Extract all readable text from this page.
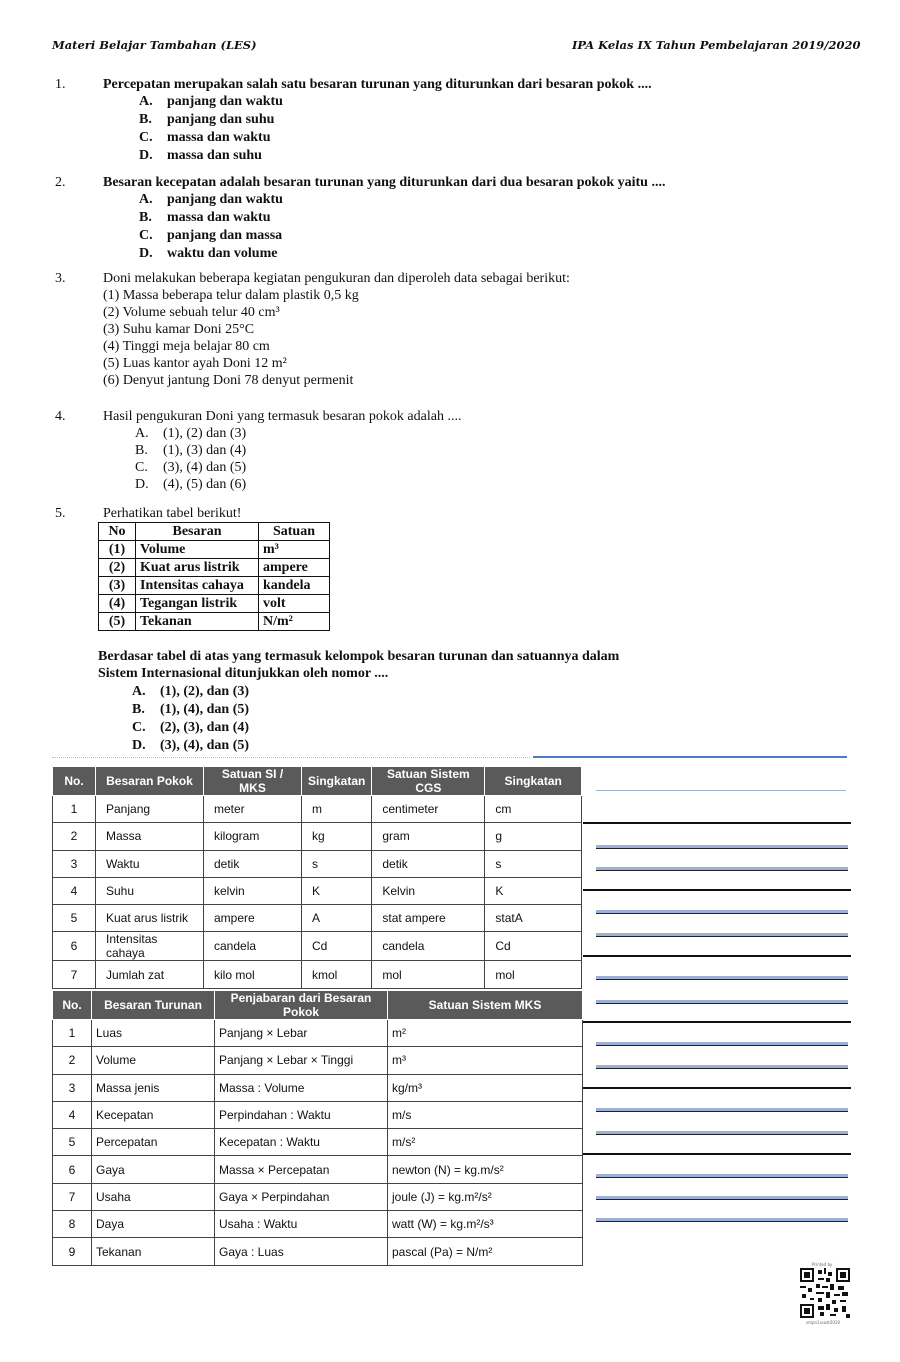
Materi Belajar Tambahan (LES)	IPA Kelas IX Tahun Pembelajaran 2019/2020
1.	Percepatan merupakan salah satu besaran turunan yang diturunkan dari besaran pokok ....
A. panjang dan waktu
B. panjang dan suhu
C. massa dan waktu
D. massa dan suhu
2.	Besaran kecepatan adalah besaran turunan yang diturunkan dari dua besaran pokok yaitu ....
A. panjang dan waktu
B. massa dan waktu
C. panjang dan massa
D. waktu dan volume
3.	Doni melakukan beberapa kegiatan pengukuran dan diperoleh data sebagai berikut:
(1) Massa beberapa telur dalam plastik 0,5 kg
(2) Volume sebuah telur 40 cm³
(3) Suhu kamar Doni 25°C
(4) Tinggi meja belajar 80 cm
(5) Luas kantor ayah Doni 12 m²
(6) Denyut jantung Doni 78 denyut permenit
4.	Hasil pengukuran Doni yang termasuk besaran pokok adalah ....
A. (1), (2) dan (3)
B. (1), (3) dan (4)
C. (3), (4) dan (5)
D. (4), (5) dan (6)
5.	Perhatikan tabel berikut!
No	Besaran	Satuan
(1)	Volume	m³
(2)	Kuat arus listrik	ampere
(3)	Intensitas cahaya	kandela
(4)	Tegangan listrik	volt
(5)	Tekanan	N/m²
Berdasar tabel di atas yang termasuk kelompok besaran turunan dan satuannya dalam
Sistem Internasional ditunjukkan oleh nomor ....
A. (1), (2), dan (3)
B. (1), (4), dan (5)
C. (2), (3), dan (4)
D. (3), (4), dan (5)
No.	Besaran Pokok	Satuan SI / MKS	Singkatan	Satuan Sistem CGS	Singkatan
1	Panjang	meter	m	centimeter	cm
2	Massa	kilogram	kg	gram	g
3	Waktu	detik	s	detik	s
4	Suhu	kelvin	K	Kelvin	K
5	Kuat arus listrik	ampere	A	stat ampere	statA
6	Intensitas cahaya	candela	Cd	candela	Cd
7	Jumlah zat	kilo mol	kmol	mol	mol
No.	Besaran Turunan	Penjabaran dari Besaran Pokok	Satuan Sistem MKS
1	Luas	Panjang × Lebar	m²
2	Volume	Panjang × Lebar × Tinggi	m³
3	Massa jenis	Massa : Volume	kg/m³
4	Kecepatan	Perpindahan : Waktu	m/s
5	Percepatan	Kecepatan : Waktu	m/s²
6	Gaya	Massa × Percepatan	newton (N) = kg.m/s²
7	Usaha	Gaya × Perpindahan	joule (J) = kg.m²/s²
8	Daya	Usaha : Waktu	watt (W) = kg.m²/s³
9	Tekanan	Gaya : Luas	pascal (Pa) = N/m²
Printed by
smpn1ssast2020
